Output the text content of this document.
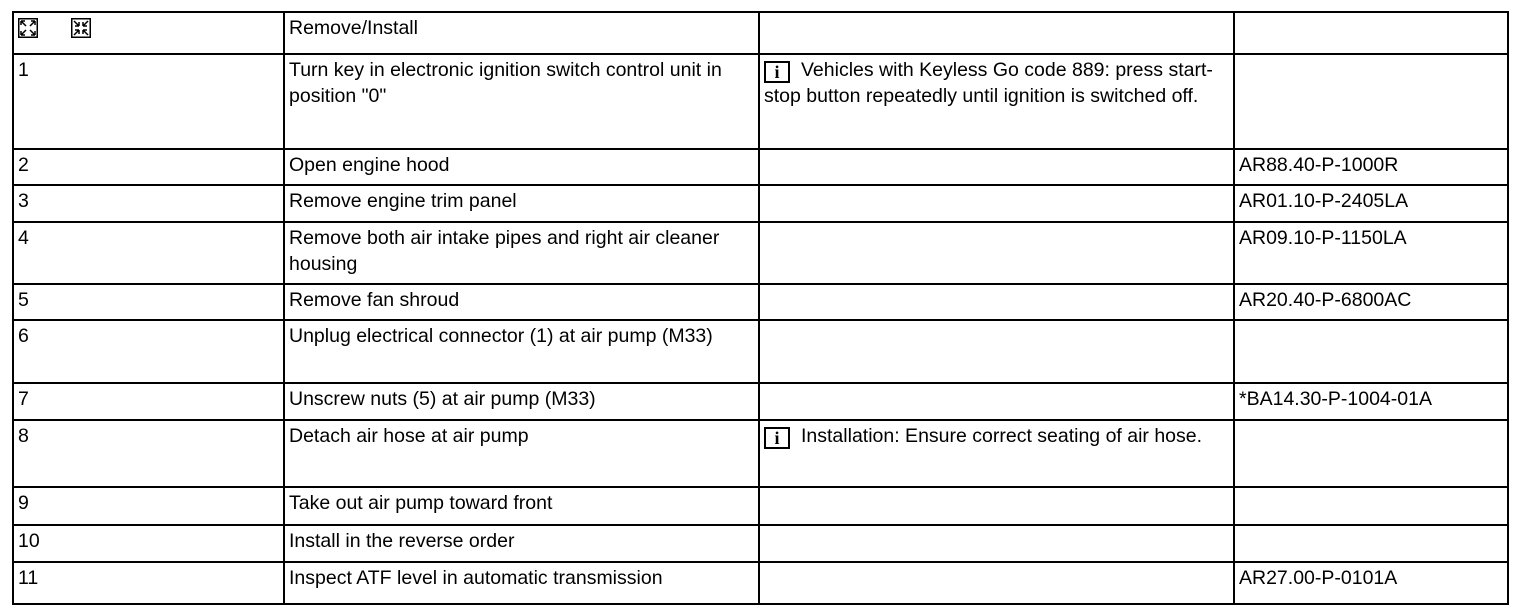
	Remove/Install		
1	Turn key in electronic ignition switch control unit in position "0"	i Vehicles with Keyless Go code 889: press start-stop button repeatedly until ignition is switched off.	
2	Open engine hood		AR88.40-P-1000R
3	Remove engine trim panel		AR01.10-P-2405LA
4	Remove both air intake pipes and right air cleaner housing		AR09.10-P-1150LA
5	Remove fan shroud		AR20.40-P-6800AC
6	Unplug electrical connector (1) at air pump (M33)		
7	Unscrew nuts (5) at air pump (M33)		*BA14.30-P-1004-01A
8	Detach air hose at air pump	i Installation: Ensure correct seating of air hose.	
9	Take out air pump toward front		
10	Install in the reverse order		
11	Inspect ATF level in automatic transmission		AR27.00-P-0101A
